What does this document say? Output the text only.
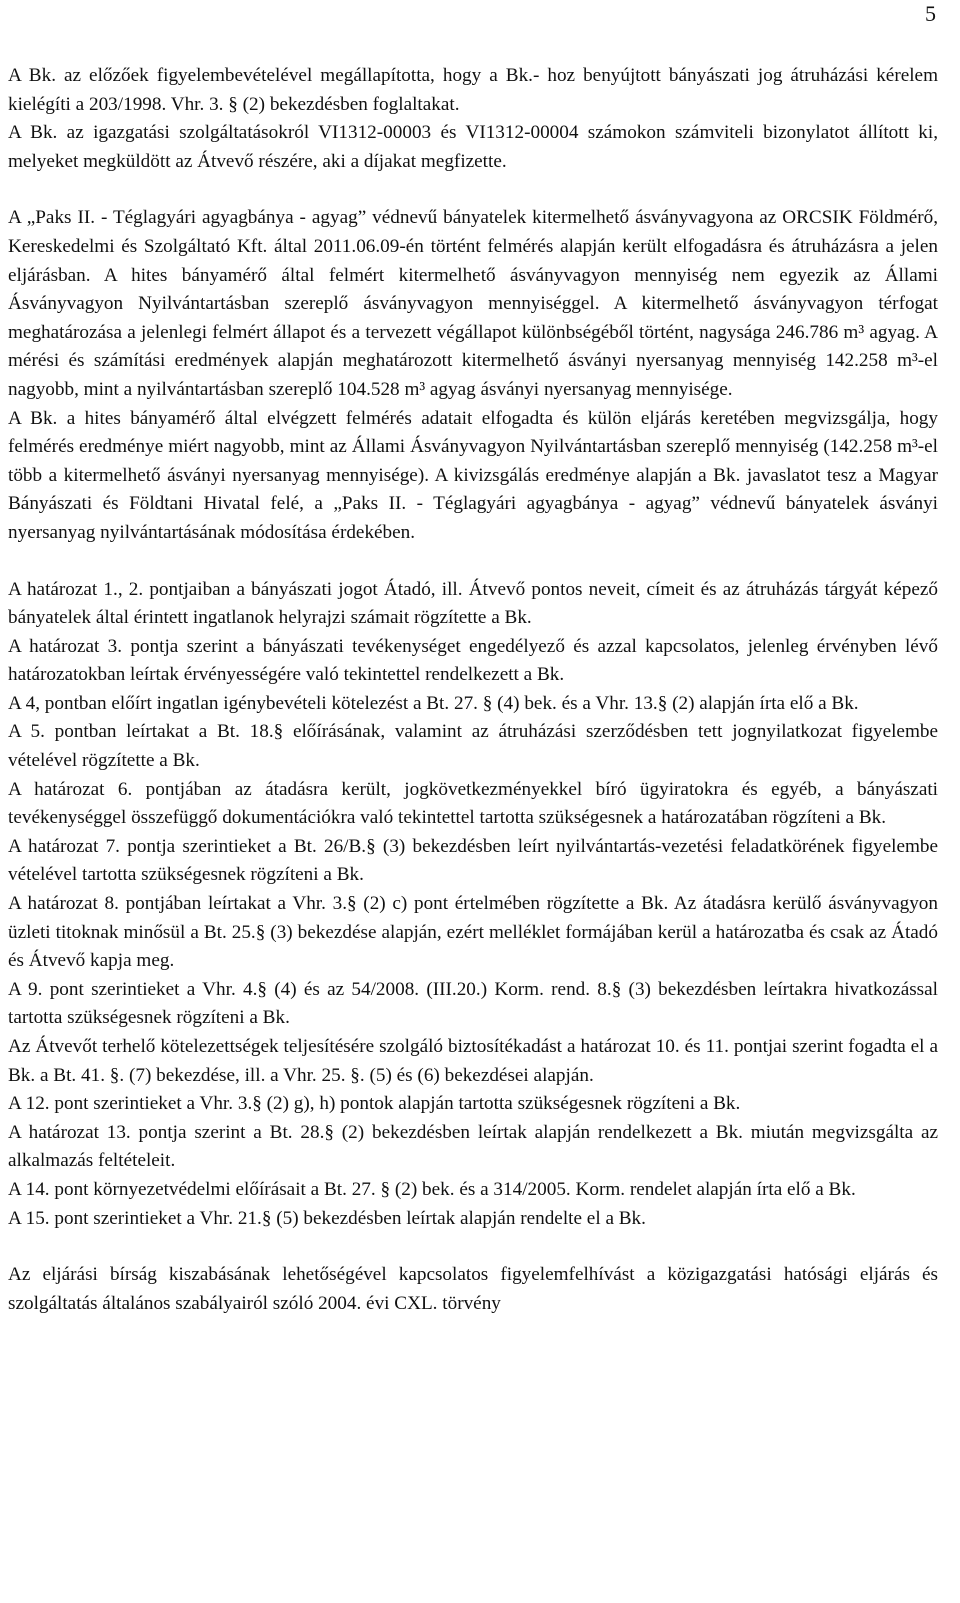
5

A Bk. az előzőek figyelembevételével megállapította, hogy a Bk.- hoz benyújtott bányászati jog átruházási kérelem kielégíti a 203/1998. Vhr. 3. § (2) bekezdésben foglaltakat.

A Bk. az igazgatási szolgáltatásokról VI1312-00003 és VI1312-00004 számokon számviteli bizonylatot állított ki, melyeket megküldött az Átvevő részére, aki a díjakat megfizette.

A „Paks II. - Téglagyári agyagbánya - agyag” védnevű bányatelek kitermelhető ásványvagyona az ORCSIK Földmérő, Kereskedelmi és Szolgáltató Kft. által 2011.06.09-én történt felmérés alapján került elfogadásra és átruházásra a jelen eljárásban. A hites bányamérő által felmért kitermelhető ásványvagyon mennyiség nem egyezik az Állami Ásványvagyon Nyilvántartásban szereplő ásványvagyon mennyiséggel. A kitermelhető ásványvagyon térfogat meghatározása a jelenlegi felmért állapot és a tervezett végállapot különbségéből történt, nagysága 246.786 m³ agyag. A mérési és számítási eredmények alapján meghatározott kitermelhető ásványi nyersanyag mennyiség 142.258 m³-el nagyobb, mint a nyilvántartásban szereplő 104.528 m³ agyag ásványi nyersanyag mennyisége.

A Bk. a hites bányamérő által elvégzett felmérés adatait elfogadta és külön eljárás keretében megvizsgálja, hogy felmérés eredménye miért nagyobb, mint az Állami Ásványvagyon Nyilvántartásban szereplő mennyiség (142.258 m³-el több a kitermelhető ásványi nyersanyag mennyisége). A kivizsgálás eredménye alapján a Bk. javaslatot tesz a Magyar Bányászati és Földtani Hivatal felé, a „Paks II. - Téglagyári agyagbánya - agyag” védnevű bányatelek ásványi nyersanyag nyilvántartásának módosítása érdekében.

A határozat 1., 2. pontjaiban a bányászati jogot Átadó, ill. Átvevő pontos neveit, címeit és az átruházás tárgyát képező bányatelek által érintett ingatlanok helyrajzi számait rögzítette a Bk.

A határozat 3. pontja szerint a bányászati tevékenységet engedélyező és azzal kapcsolatos, jelenleg érvényben lévő határozatokban leírtak érvényességére való tekintettel rendelkezett a Bk.

A 4, pontban előírt ingatlan igénybevételi kötelezést a Bt. 27. § (4) bek. és a Vhr. 13.§ (2) alapján írta elő a Bk.

A 5. pontban leírtakat a Bt. 18.§ előírásának, valamint az átruházási szerződésben tett jognyilatkozat figyelembe vételével rögzítette a Bk.

A határozat 6. pontjában az átadásra került, jogkövetkezményekkel bíró ügyiratokra és egyéb, a bányászati tevékenységgel összefüggő dokumentációkra való tekintettel tartotta szükségesnek a határozatában rögzíteni a Bk.

A határozat 7. pontja szerintieket a Bt. 26/B.§ (3) bekezdésben leírt nyilvántartás-vezetési feladatkörének figyelembe vételével tartotta szükségesnek rögzíteni a Bk.

A határozat 8. pontjában leírtakat a Vhr. 3.§ (2) c) pont értelmében rögzítette a Bk. Az átadásra kerülő ásványvagyon üzleti titoknak minősül a Bt. 25.§ (3) bekezdése alapján, ezért melléklet formájában kerül a határozatba és csak az Átadó és Átvevő kapja meg.

A 9. pont szerintieket a Vhr. 4.§ (4) és az 54/2008. (III.20.) Korm. rend. 8.§ (3) bekezdésben leírtakra hivatkozással tartotta szükségesnek rögzíteni a Bk.

Az Átvevőt terhelő kötelezettségek teljesítésére szolgáló biztosítékadást a határozat 10. és 11. pontjai szerint fogadta el a Bk. a Bt. 41. §. (7) bekezdése, ill. a Vhr. 25. §. (5) és (6) bekezdései alapján.

A 12. pont szerintieket a Vhr. 3.§ (2) g), h) pontok alapján tartotta szükségesnek rögzíteni a Bk.

A határozat 13. pontja szerint a Bt. 28.§ (2) bekezdésben leírtak alapján rendelkezett a Bk. miután megvizsgálta az alkalmazás feltételeit.

A 14. pont környezetvédelmi előírásait a Bt. 27. § (2) bek. és a 314/2005. Korm. rendelet alapján írta elő a Bk.

A 15. pont szerintieket a Vhr. 21.§ (5) bekezdésben leírtak alapján rendelte el a Bk.

Az eljárási bírság kiszabásának lehetőségével kapcsolatos figyelemfelhívást a közigazgatási hatósági eljárás és szolgáltatás általános szabályairól szóló 2004. évi CXL. törvény
